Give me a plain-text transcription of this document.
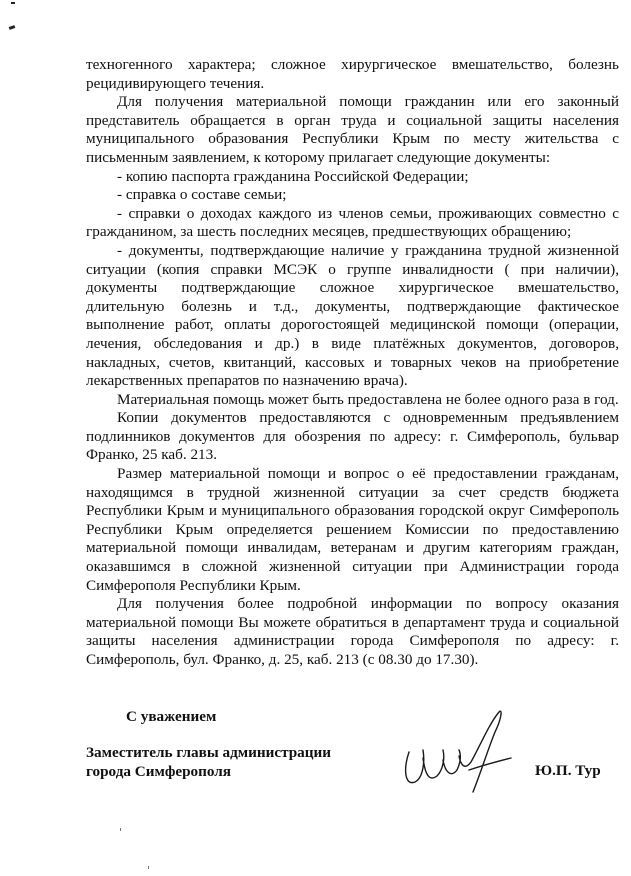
техногенного характера; сложное хирургическое вмешательство, болезнь рецидивирующего течения.

Для получения материальной помощи гражданин или его законный представитель обращается в орган труда и социальной защиты населения муниципального образования Республики Крым по месту жительства с письменным заявлением, к которому прилагает следующие документы:

- копию паспорта гражданина Российской Федерации;

- справка о составе семьи;

- справки о доходах каждого из членов семьи, проживающих совместно с гражданином, за шесть последних месяцев, предшествующих обращению;

- документы, подтверждающие наличие у гражданина трудной жизненной ситуации (копия справки МСЭК о группе инвалидности ( при наличии), документы подтверждающие сложное хирургическое вмешательство, длительную болезнь и т.д., документы, подтверждающие фактическое выполнение работ, оплаты дорогостоящей медицинской помощи (операции, лечения, обследования и др.) в виде платёжных документов, договоров, накладных, счетов, квитанций, кассовых и товарных чеков на приобретение лекарственных препаратов по назначению врача).

Материальная помощь может быть предоставлена не более одного раза в год.

Копии документов предоставляются с одновременным предъявлением подлинников документов для обозрения по адресу: г. Симферополь, бульвар Франко, 25 каб. 213.

Размер материальной помощи и вопрос о её предоставлении гражданам, находящимся в трудной жизненной ситуации за счет средств бюджета Республики Крым и муниципального образования городской округ Симферополь Республики Крым определяется решением Комиссии по предоставлению материальной помощи инвалидам, ветеранам и другим категориям граждан, оказавшимся в сложной жизненной ситуации при Администрации города Симферополя Республики Крым.

Для получения более подробной информации по вопросу оказания материальной помощи Вы можете обратиться в департамент труда и социальной защиты населения администрации города Симферополя по адресу: г. Симферополь, бул. Франко, д. 25, каб. 213 (с 08.30 до 17.30).

С уважением
Заместитель главы администрации
города Симферополя	Ю.П. Тур
